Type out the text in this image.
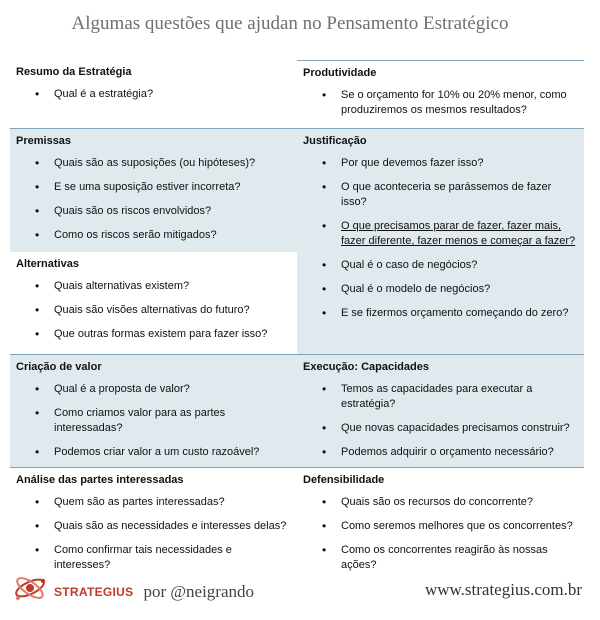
Algumas questões que ajudan no Pensamento Estratégico
Resumo da Estratégia
• Qual é a estratégia?
Produtividade
• Se o orçamento for 10% ou 20% menor, como produziremos os mesmos resultados?
Premissas
• Quais são as suposições (ou hipóteses)?
• E se uma suposição estiver incorreta?
• Quais são os riscos envolvidos?
• Como os riscos serão mitigados?
Alternativas
• Quais alternativas existem?
• Quais são visões alternativas do futuro?
• Que outras formas existem para fazer isso?
Justificação
• Por que devemos fazer isso?
• O que aconteceria se parássemos de fazer isso?
• O que precisamos parar de fazer, fazer mais, fazer diferente, fazer menos e começar a fazer?
• Qual é o caso de negócios?
• Qual é o modelo de negócios?
• E se fizermos orçamento começando do zero?
Criação de valor
• Qual é a proposta de valor?
• Como criamos valor para as partes interessadas?
• Podemos criar valor a um custo razoável?
Execução: Capacidades
• Temos as capacidades para executar a estratégia?
• Que novas capacidades precisamos construir?
• Podemos adquirir o orçamento necessário?
Análise das partes interessadas
• Quem são as partes interessadas?
• Quais são as necessidades e interesses delas?
• Como confirmar tais necessidades e interesses?
Defensibilidade
• Quais são os recursos do concorrente?
• Como seremos melhores que os concorrentes?
• Como os concorrentes reagirão às nossas ações?
STRATEGIUS por @neigrando	www.strategius.com.br
